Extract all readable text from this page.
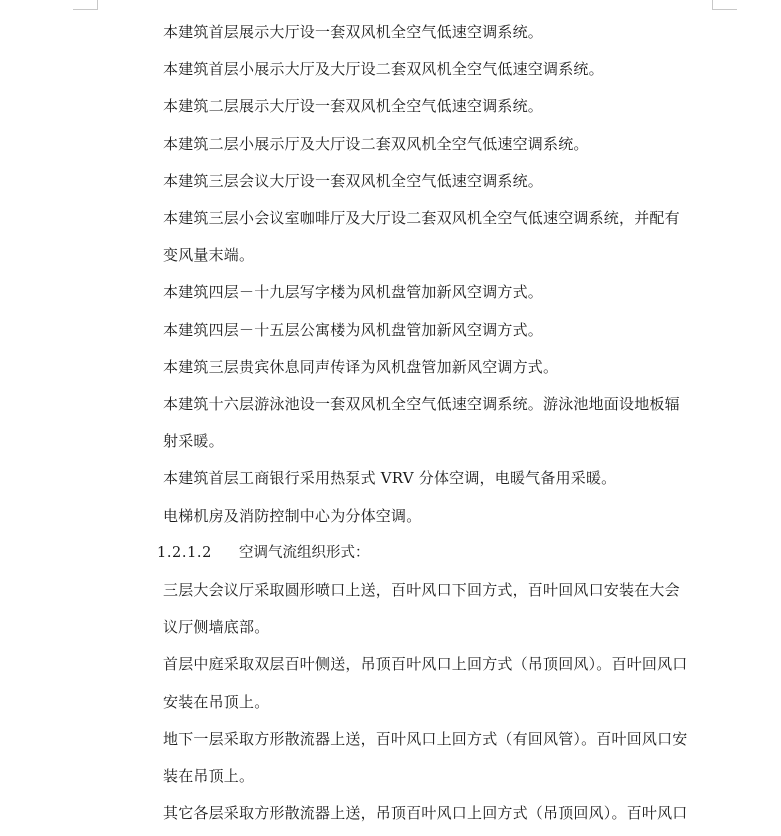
本建筑首层展示大厅设一套双风机全空气低速空调系统。

本建筑首层小展示大厅及大厅设二套双风机全空气低速空调系统。

本建筑二层展示大厅设一套双风机全空气低速空调系统。

本建筑二层小展示厅及大厅设二套双风机全空气低速空调系统。

本建筑三层会议大厅设一套双风机全空气低速空调系统。

本建筑三层小会议室咖啡厅及大厅设二套双风机全空气低速空调系统，并配有

变风量末端。

本建筑四层－十九层写字楼为风机盘管加新风空调方式。

本建筑四层－十五层公寓楼为风机盘管加新风空调方式。

本建筑三层贵宾休息同声传译为风机盘管加新风空调方式。

本建筑十六层游泳池设一套双风机全空气低速空调系统。游泳池地面设地板辐

射采暖。

本建筑首层工商银行采用热泵式 VRV 分体空调，电暖气备用采暖。

电梯机房及消防控制中心为分体空调。

1.2.1.2 空调气流组织形式：

三层大会议厅采取圆形喷口上送，百叶风口下回方式，百叶回风口安装在大会

议厅侧墙底部。

首层中庭采取双层百叶侧送，吊顶百叶风口上回方式（吊顶回风）。百叶回风口

安装在吊顶上。

地下一层采取方形散流器上送，百叶风口上回方式（有回风管）。百叶回风口安

装在吊顶上。

其它各层采取方形散流器上送，吊顶百叶风口上回方式（吊顶回风）。百叶风口
